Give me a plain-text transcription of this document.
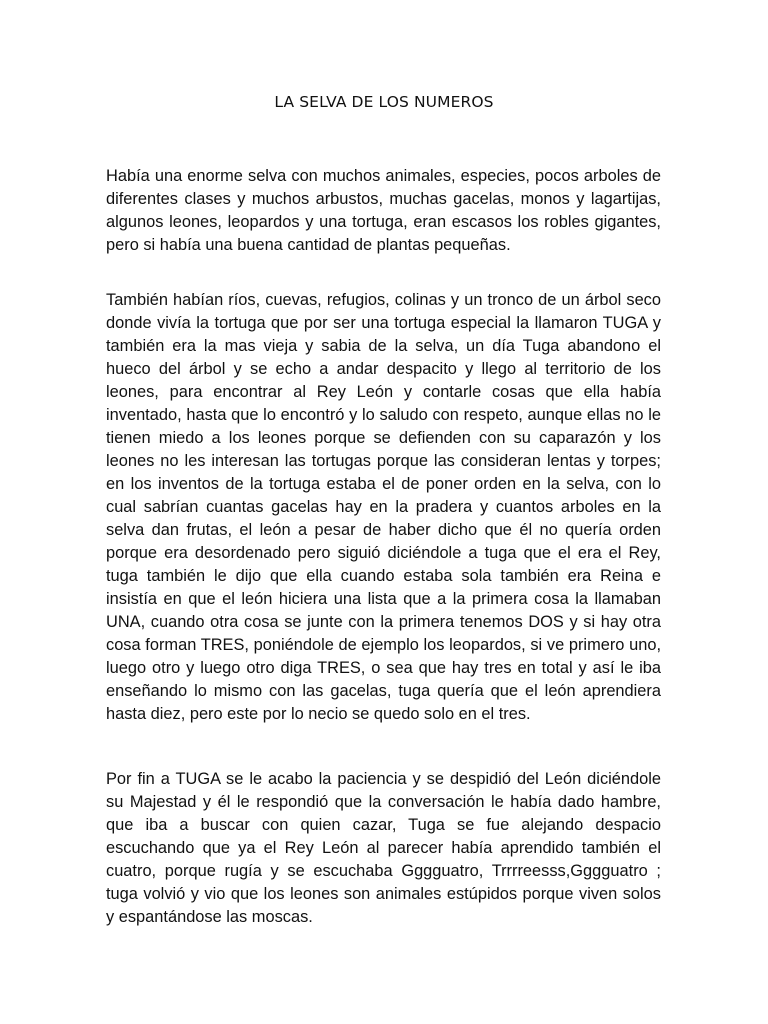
LA SELVA DE LOS NUMEROS

Había una enorme selva con muchos animales, especies, pocos arboles de diferentes clases y muchos arbustos, muchas gacelas, monos y lagartijas, algunos leones, leopardos y una tortuga, eran escasos los robles gigantes, pero si había una buena cantidad de plantas pequeñas.

También habían ríos, cuevas, refugios, colinas y un tronco de un árbol seco donde vivía la tortuga que por ser una tortuga especial la llamaron TUGA y también era la mas vieja y sabia de la selva, un día Tuga abandono el hueco del árbol y se echo a andar despacito y llego al territorio de los leones, para encontrar al Rey León y contarle cosas que ella había inventado, hasta que lo encontró y lo saludo con respeto, aunque ellas no le tienen miedo a los leones porque se defienden con su caparazón y los leones no les interesan las tortugas porque las consideran lentas y torpes; en los inventos de la tortuga estaba el de poner orden en la selva, con lo cual sabrían cuantas gacelas hay en la pradera y cuantos arboles en la selva dan frutas, el león a pesar de haber dicho que él no quería orden porque era desordenado pero siguió diciéndole a tuga que el era el Rey, tuga también le dijo que ella cuando estaba sola también era Reina e insistía en que el león hiciera una lista que a la primera cosa la llamaban UNA, cuando otra cosa se junte con la primera tenemos DOS y si hay otra cosa forman TRES, poniéndole de ejemplo los leopardos, si ve primero uno, luego otro y luego otro diga TRES, o sea que hay tres en total y así le iba enseñando lo mismo con las gacelas, tuga quería que el león aprendiera hasta diez, pero este por lo necio se quedo solo en el tres.

Por fin a TUGA se le acabo la paciencia y se despidió del León diciéndole su Majestad y él le respondió que la conversación le había dado hambre, que iba a buscar con quien cazar, Tuga se fue alejando despacio escuchando que ya el Rey León al parecer había aprendido también el cuatro, porque rugía y se escuchaba Gggguatro, Trrrreesss,Gggguatro ; tuga volvió y vio que los leones son animales estúpidos porque viven solos y espantándose las moscas.
